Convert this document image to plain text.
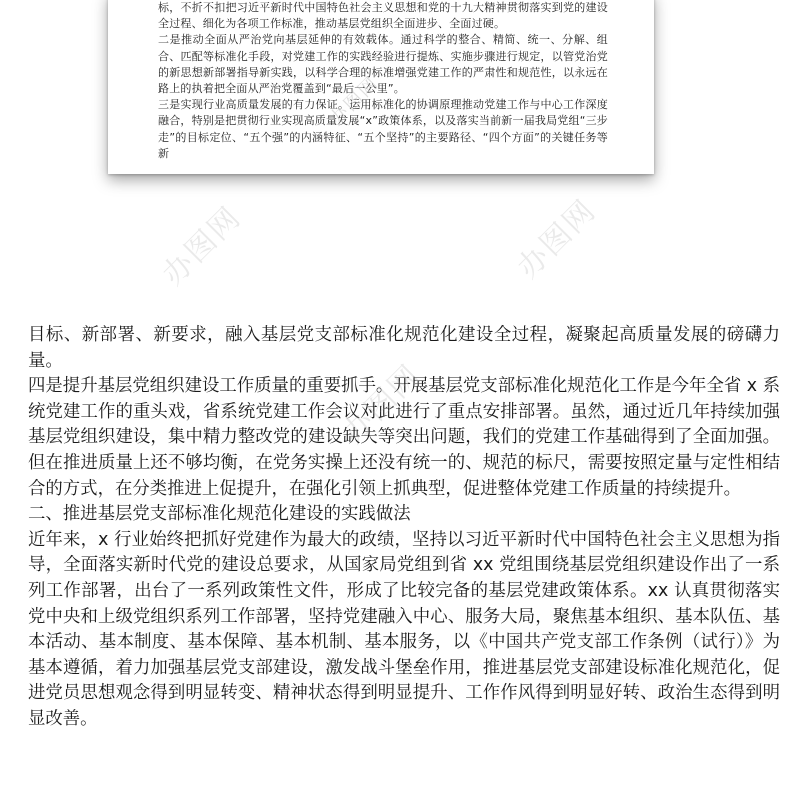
标，不折不扣把习近平新时代中国特色社会主义思想和党的十九大精神贯彻落实到党的建设全过程、细化为各项工作标准，推动基层党组织全面进步、全面过硬。

二是推动全面从严治党向基层延伸的有效载体。通过科学的整合、精简、统一、分解、组合、匹配等标准化手段，对党建工作的实践经验进行提炼、实施步骤进行规定，以管党治党的新思想新部署指导新实践，以科学合理的标准增强党建工作的严肃性和规范性，以永远在路上的执着把全面从严治党覆盖到“最后一公里”。

三是实现行业高质量发展的有力保证。运用标准化的协调原理推动党建工作与中心工作深度融合，特别是把贯彻行业实现高质量发展“x”政策体系，以及落实当前新一届我局党组“三步走”的目标定位、“五个强”的内涵特征、“五个坚持”的主要路径、“四个方面”的关键任务等新

办图网
办图网	办图网

目标、新部署、新要求，融入基层党支部标准化规范化建设全过程，凝聚起高质量发展的磅礴力量。

四是提升基层党组织建设工作质量的重要抓手。开展基层党支部标准化规范化工作是今年全省 x 系统党建工作的重头戏，省系统党建工作会议对此进行了重点安排部署。虽然，通过近几年持续加强基层党组织建设，集中精力整改党的建设缺失等突出问题，我们的党建工作基础得到了全面加强。但在推进质量上还不够均衡，在党务实操上还没有统一的、规范的标尺，需要按照定量与定性相结合的方式，在分类推进上促提升，在强化引领上抓典型，促进整体党建工作质量的持续提升。

二、推进基层党支部标准化规范化建设的实践做法

近年来，x 行业始终把抓好党建作为最大的政绩，坚持以习近平新时代中国特色社会主义思想为指导，全面落实新时代党的建设总要求，从国家局党组到省 xx 党组围绕基层党组织建设作出了一系列工作部署，出台了一系列政策性文件，形成了比较完备的基层党建政策体系。xx 认真贯彻落实党中央和上级党组织系列工作部署，坚持党建融入中心、服务大局，聚焦基本组织、基本队伍、基本活动、基本制度、基本保障、基本机制、基本服务，以《中国共产党支部工作条例（试行）》为基本遵循，着力加强基层党支部建设，激发战斗堡垒作用，推进基层党支部建设标准化规范化，促进党员思想观念得到明显转变、精神状态得到明显提升、工作作风得到明显好转、政治生态得到明显改善。

办图网
